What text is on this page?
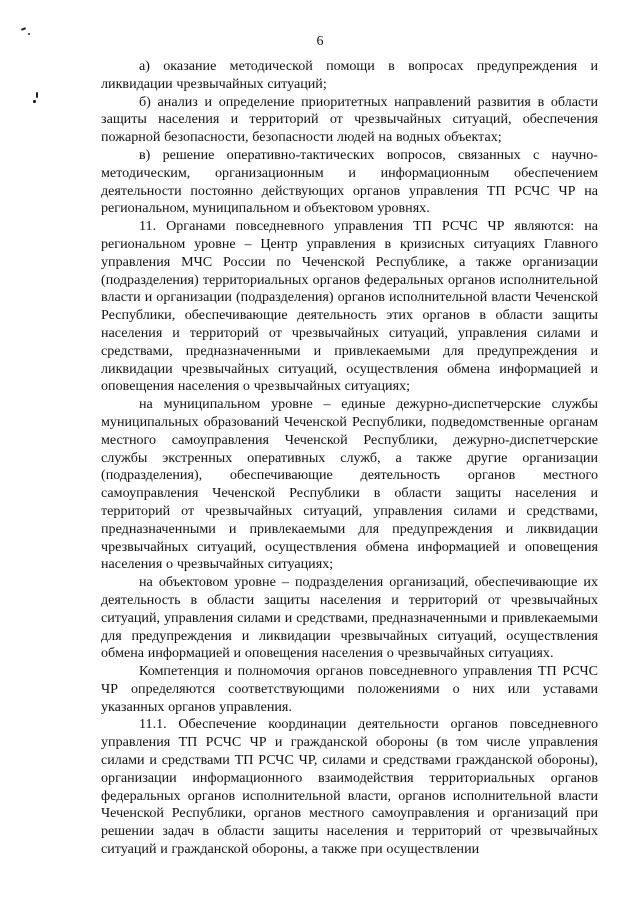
6

а) оказание методической помощи в вопросах предупреждения и ликвидации чрезвычайных ситуаций;

б) анализ и определение приоритетных направлений развития в области защиты населения и территорий от чрезвычайных ситуаций, обеспечения пожарной безопасности, безопасности людей на водных объектах;

в) решение оперативно-тактических вопросов, связанных с научно-методическим, организационным и информационным обеспечением деятельности постоянно действующих органов управления ТП РСЧС ЧР на региональном, муниципальном и объектовом уровнях.

11. Органами повседневного управления ТП РСЧС ЧР являются: на региональном уровне – Центр управления в кризисных ситуациях Главного управления МЧС России по Чеченской Республике, а также организации (подразделения) территориальных органов федеральных органов исполнительной власти и организации (подразделения) органов исполнительной власти Чеченской Республики, обеспечивающие деятельность этих органов в области защиты населения и территорий от чрезвычайных ситуаций, управления силами и средствами, предназначенными и привлекаемыми для предупреждения и ликвидации чрезвычайных ситуаций, осуществления обмена информацией и оповещения населения о чрезвычайных ситуациях;

на муниципальном уровне – единые дежурно-диспетчерские службы муниципальных образований Чеченской Республики, подведомственные органам местного самоуправления Чеченской Республики, дежурно-диспетчерские службы экстренных оперативных служб, а также другие организации (подразделения), обеспечивающие деятельность органов местного самоуправления Чеченской Республики в области защиты населения и территорий от чрезвычайных ситуаций, управления силами и средствами, предназначенными и привлекаемыми для предупреждения и ликвидации чрезвычайных ситуаций, осуществления обмена информацией и оповещения населения о чрезвычайных ситуациях;

на объектовом уровне – подразделения организаций, обеспечивающие их деятельность в области защиты населения и территорий от чрезвычайных ситуаций, управления силами и средствами, предназначенными и привлекаемыми для предупреждения и ликвидации чрезвычайных ситуаций, осуществления обмена информацией и оповещения населения о чрезвычайных ситуациях.

Компетенция и полномочия органов повседневного управления ТП РСЧС ЧР определяются соответствующими положениями о них или уставами указанных органов управления.

11.1. Обеспечение координации деятельности органов повседневного управления ТП РСЧС ЧР и гражданской обороны (в том числе управления силами и средствами ТП РСЧС ЧР, силами и средствами гражданской обороны), организации информационного взаимодействия территориальных органов федеральных органов исполнительной власти, органов исполнительной власти Чеченской Республики, органов местного самоуправления и организаций при решении задач в области защиты населения и территорий от чрезвычайных ситуаций и гражданской обороны, а также при осуществлении
